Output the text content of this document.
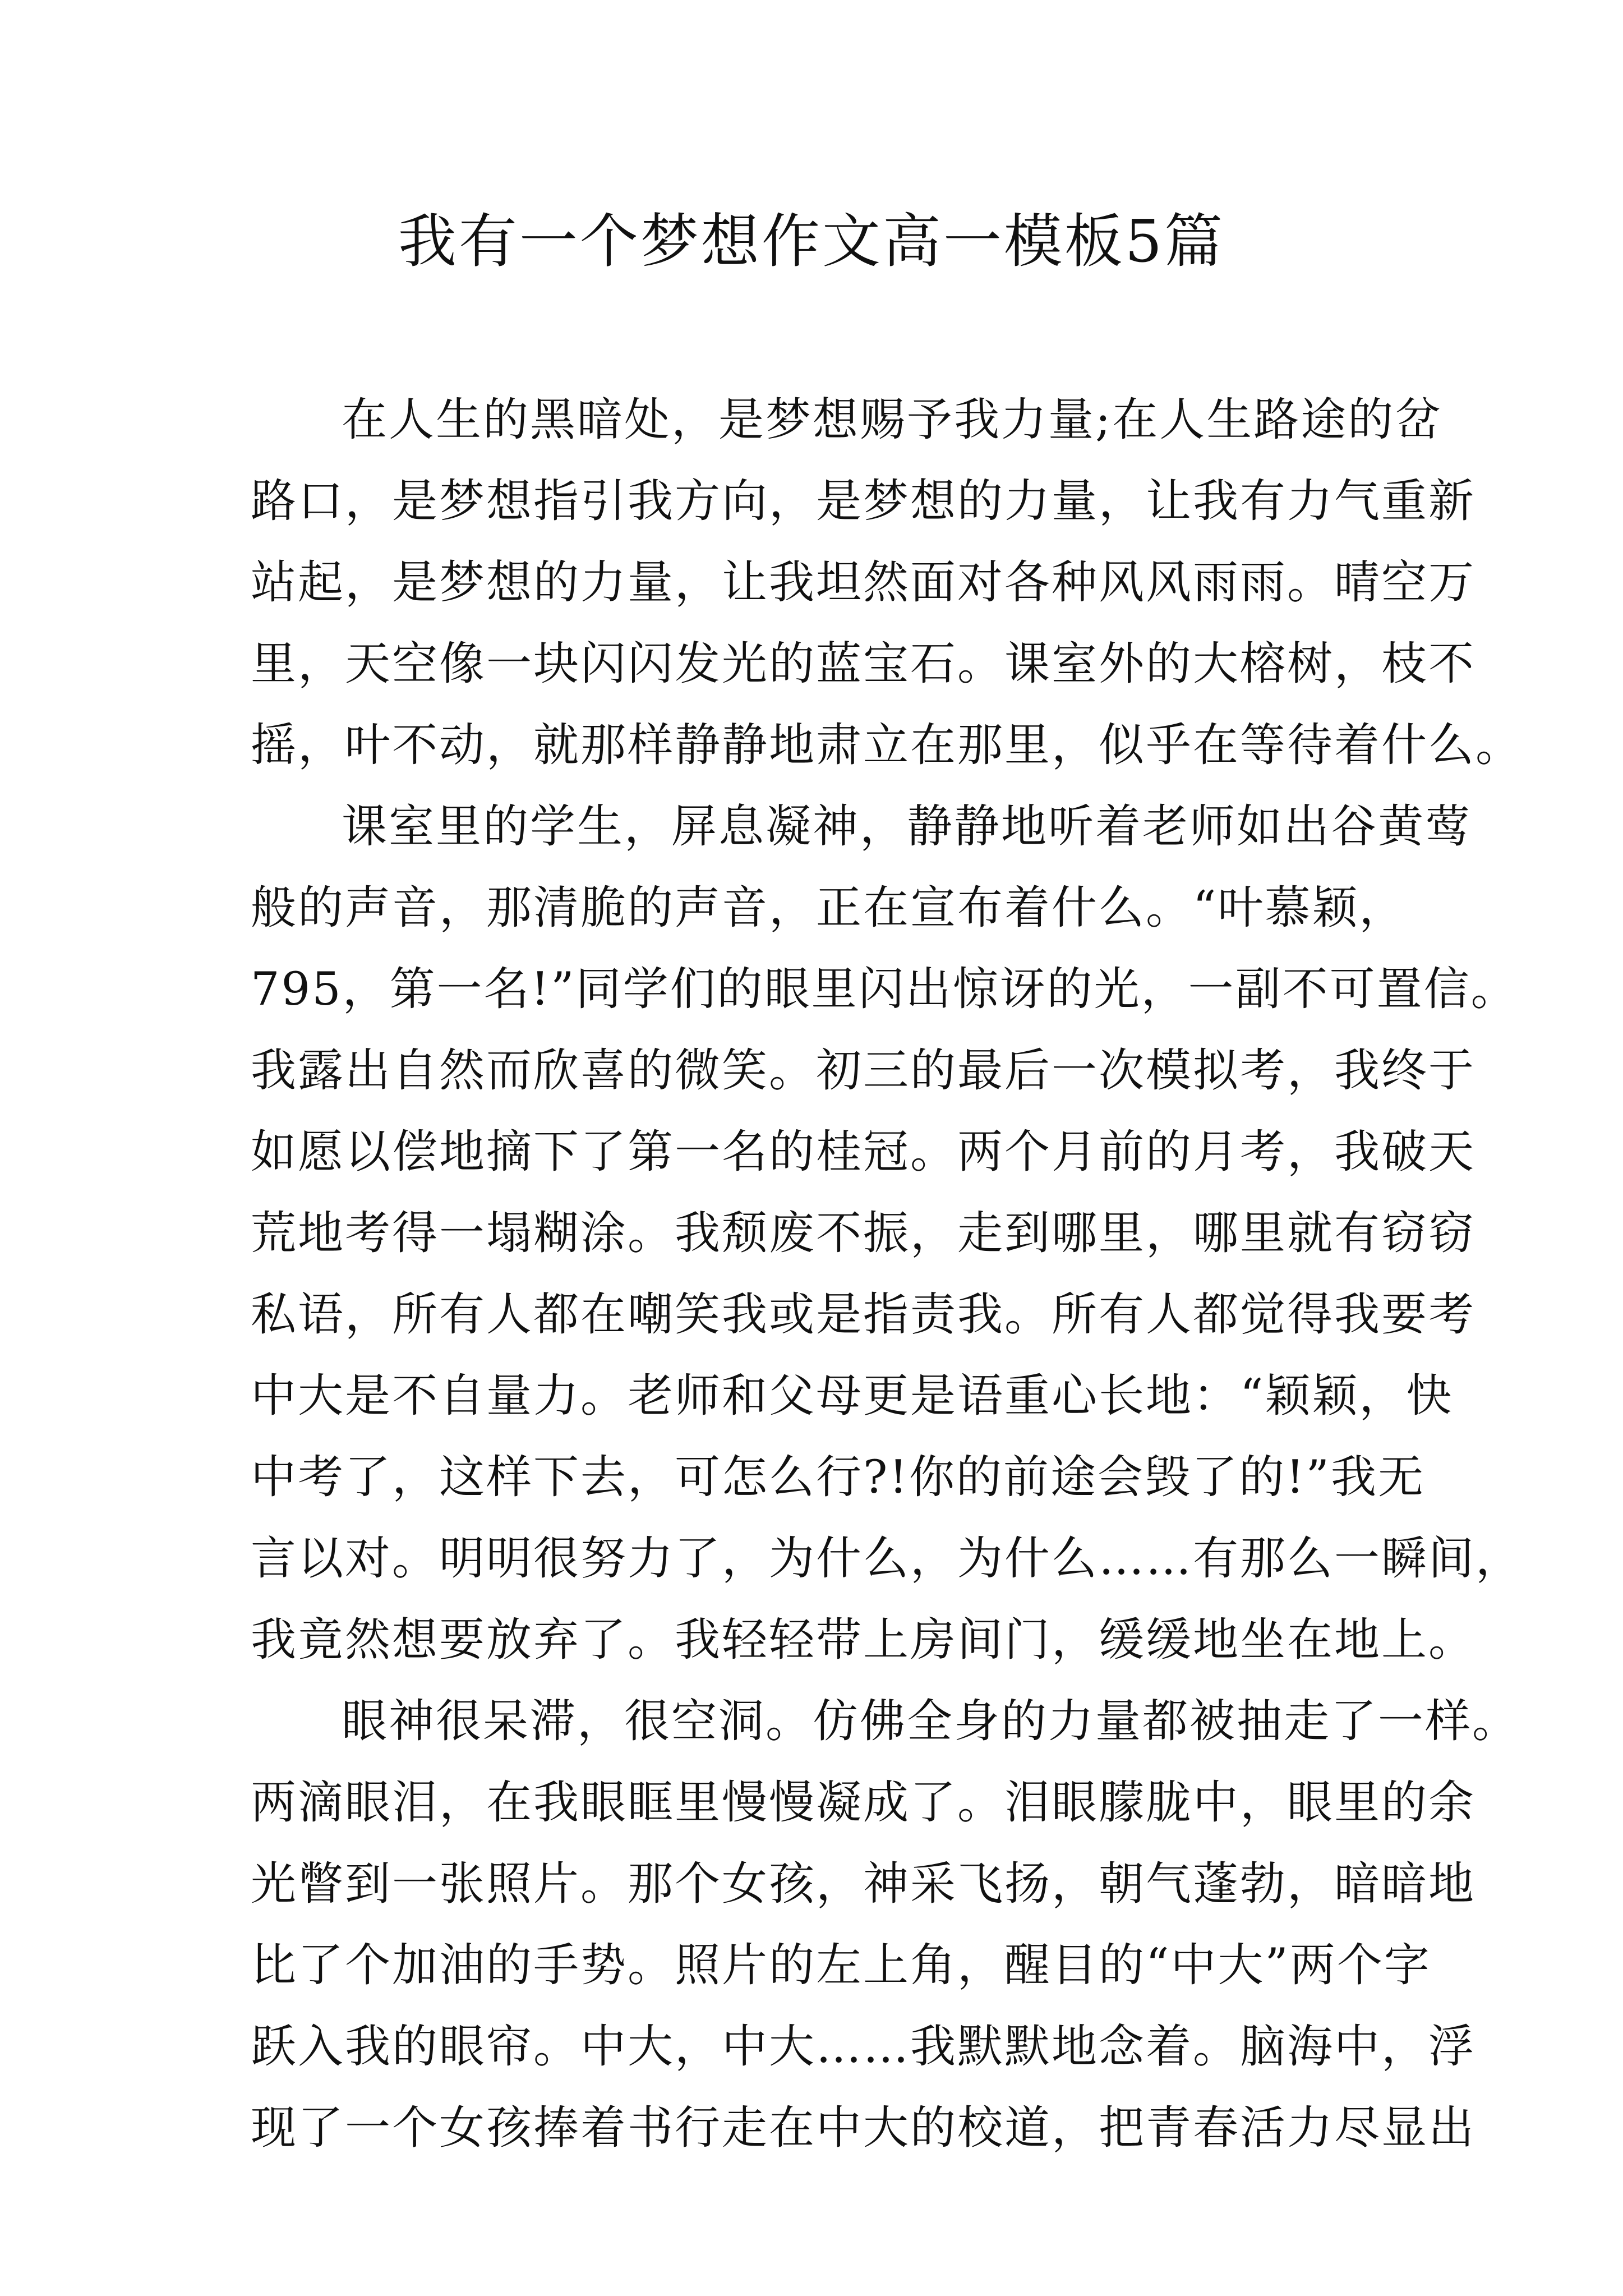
我有一个梦想作文高一模板5篇
在人生的黑暗处，是梦想赐予我力量;在人生路途的岔
路口，是梦想指引我方向，是梦想的力量，让我有力气重新
站起，是梦想的力量，让我坦然面对各种风风雨雨。晴空万
里，天空像一块闪闪发光的蓝宝石。课室外的大榕树，枝不
摇，叶不动，就那样静静地肃立在那里，似乎在等待着什么。
课室里的学生，屏息凝神，静静地听着老师如出谷黄莺
般的声音，那清脆的声音，正在宣布着什么。“叶慕颖，
795，第一名!”同学们的眼里闪出惊讶的光，一副不可置信。
我露出自然而欣喜的微笑。初三的最后一次模拟考，我终于
如愿以偿地摘下了第一名的桂冠。两个月前的月考，我破天
荒地考得一塌糊涂。我颓废不振，走到哪里，哪里就有窃窃
私语，所有人都在嘲笑我或是指责我。所有人都觉得我要考
中大是不自量力。老师和父母更是语重心长地：“颖颖，快
中考了，这样下去，可怎么行?!你的前途会毁了的!”我无
言以对。明明很努力了，为什么，为什么……有那么一瞬间，
我竟然想要放弃了。我轻轻带上房间门，缓缓地坐在地上。
眼神很呆滞，很空洞。仿佛全身的力量都被抽走了一样。
两滴眼泪，在我眼眶里慢慢凝成了。泪眼朦胧中，眼里的余
光瞥到一张照片。那个女孩，神采飞扬，朝气蓬勃，暗暗地
比了个加油的手势。照片的左上角，醒目的“中大”两个字
跃入我的眼帘。中大，中大……我默默地念着。脑海中，浮
现了一个女孩捧着书行走在中大的校道，把青春活力尽显出
